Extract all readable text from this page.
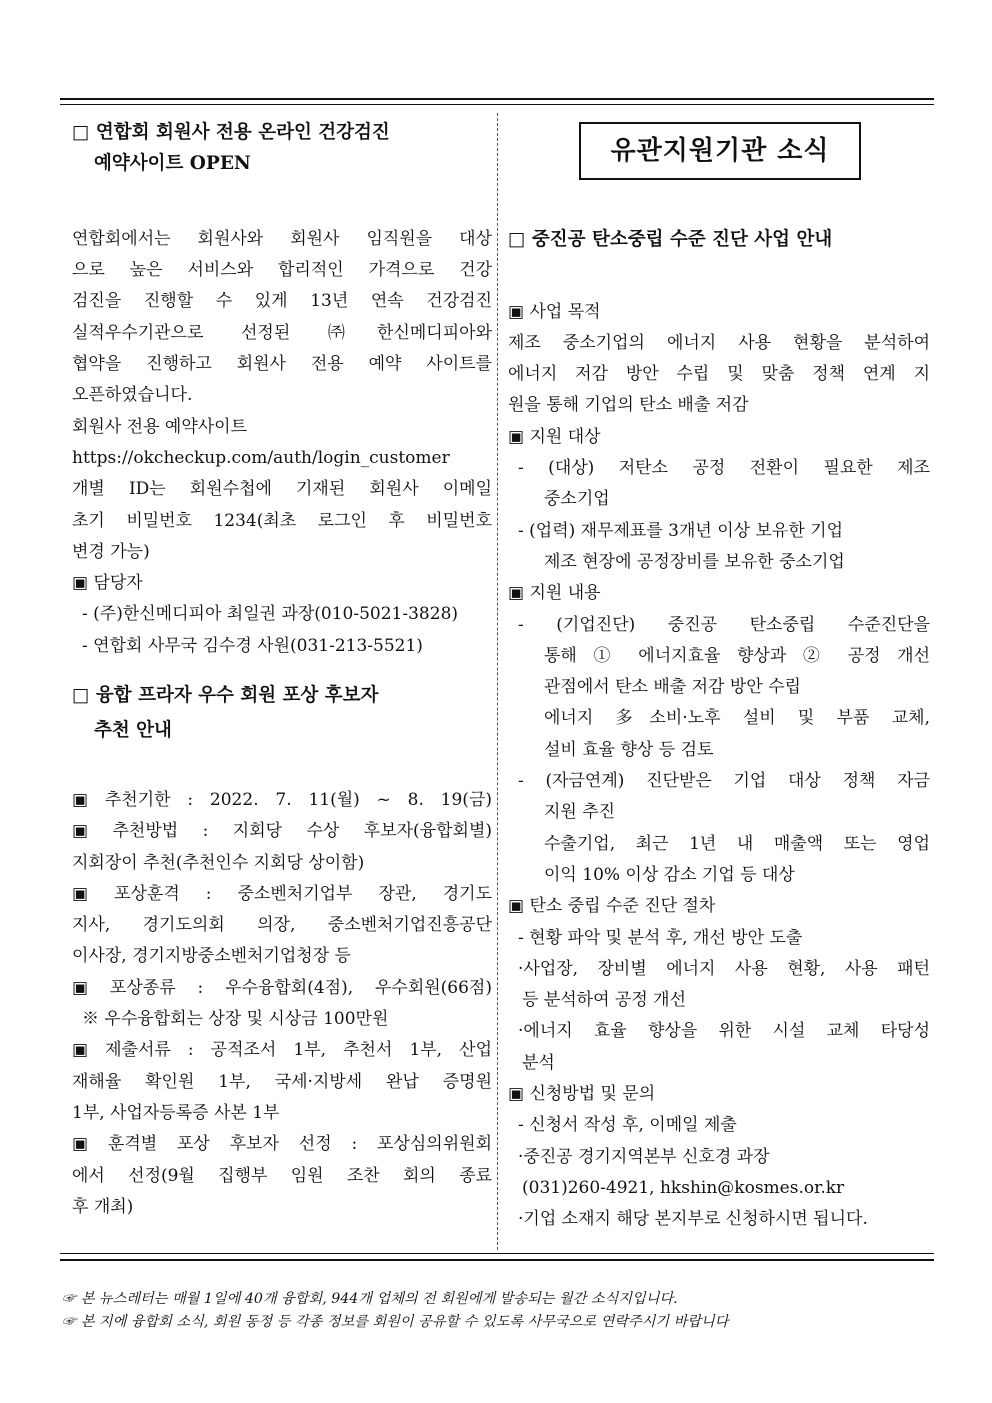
□ 연합회 회원사 전용 온라인 건강검진
예약사이트 OPEN
연합회에서는 회원사와 회원사 임직원을 대상
으로 높은 서비스와 합리적인 가격으로 건강
검진을 진행할 수 있게 13년 연속 건강검진
실적우수기관으로 선정된 ㈜한신메디피아와
협약을 진행하고 회원사 전용 예약 사이트를
오픈하였습니다.
회원사 전용 예약사이트
https://okcheckup.com/auth/login_customer
개별 ID는 회원수첩에 기재된 회원사 이메일
초기 비밀번호 1234(최초 로그인 후 비밀번호
변경 가능)
▣ 담당자
- (주)한신메디피아 최일권 과장(010-5021-3828)
- 연합회 사무국 김수경 사원(031-213-5521)
□ 융합 프라자 우수 회원 포상 후보자
추천 안내
▣ 추천기한 : 2022. 7. 11(월) ~ 8. 19(금)
▣ 추천방법 : 지회당 수상 후보자(융합회별)
지회장이 추천(추천인수 지회당 상이함)
▣ 포상훈격 : 중소벤처기업부 장관, 경기도
지사, 경기도의회 의장, 중소벤처기업진흥공단
이사장, 경기지방중소벤처기업청장 등
▣ 포상종류 : 우수융합회(4점), 우수회원(66점)
※ 우수융합회는 상장 및 시상금 100만원
▣ 제출서류 : 공적조서 1부, 추천서 1부, 산업
재해율 확인원 1부, 국세·지방세 완납 증명원
1부, 사업자등록증 사본 1부
▣ 훈격별 포상 후보자 선정 : 포상심의위원회
에서 선정(9월 집행부 임원 조찬 회의 종료
후 개최)
유관지원기관 소식
□ 중진공 탄소중립 수준 진단 사업 안내
▣ 사업 목적
제조 중소기업의 에너지 사용 현황을 분석하여
에너지 저감 방안 수립 및 맞춤 정책 연계 지
원을 통해 기업의 탄소 배출 저감
▣ 지원 대상
- (대상) 저탄소 공정 전환이 필요한 제조
중소기업
- (업력) 재무제표를 3개년 이상 보유한 기업
제조 현장에 공정장비를 보유한 중소기업
▣ 지원 내용
- (기업진단) 중진공 탄소중립 수준진단을
통해 ① 에너지효율 향상과 ② 공정 개선
관점에서 탄소 배출 저감 방안 수립
에너지 多소비·노후 설비 및 부품 교체,
설비 효율 향상 등 검토
- (자금연계) 진단받은 기업 대상 정책 자금
지원 추진
수출기업, 최근 1년 내 매출액 또는 영업
이익 10% 이상 감소 기업 등 대상
▣ 탄소 중립 수준 진단 절차
- 현황 파악 및 분석 후, 개선 방안 도출
·사업장, 장비별 에너지 사용 현황, 사용 패턴
등 분석하여 공정 개선
·에너지 효율 향상을 위한 시설 교체 타당성
분석
▣ 신청방법 및 문의
- 신청서 작성 후, 이메일 제출
·중진공 경기지역본부 신호경 과장
(031)260-4921, hkshin@kosmes.or.kr
·기업 소재지 해당 본지부로 신청하시면 됩니다.
☞ 본 뉴스레터는 매월 1일에 40개 융합회, 944개 업체의 전 회원에게 발송되는 월간 소식지입니다.
☞ 본 지에 융합회 소식, 회원 동정 등 각종 정보를 회원이 공유할 수 있도록 사무국으로 연락주시기 바랍니다
